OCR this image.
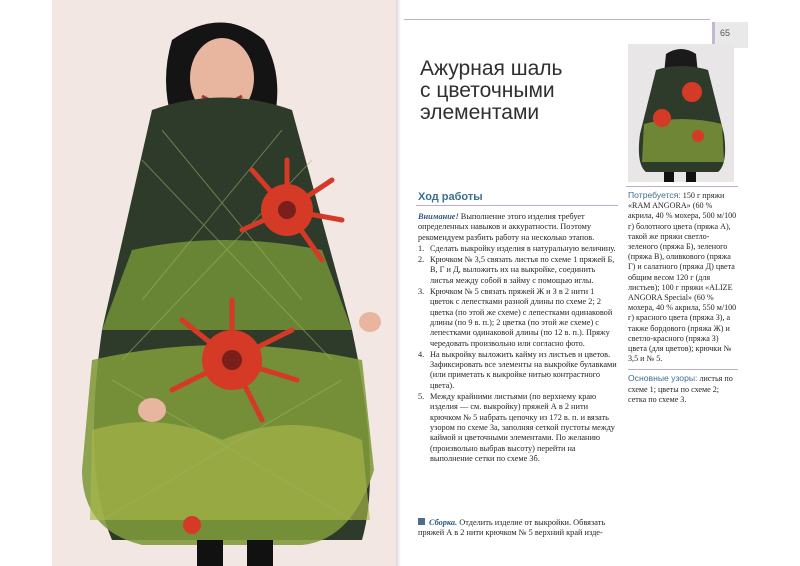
65
Ажурная шаль
с цветочными
элементами
Ход работы

Внимание! Выполнение этого изделия требует определенных навыков и аккуратности. Поэтому рекомендуем разбить работу на несколько этапов.

1. Сделать выкройку изделия в натуральную величину.
2. Крючком № 3,5 связать листья по схеме 1 пряжей Б, В, Г и Д, выложить их на выкройке, соединить листья между собой в займу с помощью иглы.
3. Крючком № 5 связать пряжей Ж и З в 2 нити 1 цветок с лепестками разной длины по схеме 2; 2 цветка (по этой же схеме) с лепестками одинаковой длины (по 9 в. п.); 2 цветка (по этой же схеме) с лепестками одинаковой длины (по 12 в. п.). Пряжу чередовать произвольно или согласно фото.
4. На выкройку выложить кайму из листьев и цветов. Зафиксировать все элементы на выкройке булавками (или приметать к выкройке нитью контрастного цвета).
5. Между крайними листьями (по верхнему краю изделия — см. выкройку) пряжей А в 2 нити крючком № 5 набрать цепочку из 172 в. п. и вязать узором по схеме 3а, заполняя сеткой пустоты между каймой и цветочными элементами. По желанию (произвольно выбрав высоту) перейти на выполнение сетки по схеме 3б.
Сборка. Отделить изделие от выкройки. Обвязать пряжей А в 2 нити крючком № 5 верхний край изде-

Потребуется: 150 г пряжи «RAM ANGORA» (60 % акрила, 40 % мохера, 500 м/100 г) болотного цвета (пряжа А), такой же пряжи светло-зеленого (пряжа Б), зеленого (пряжа В), оливкового (пряжа Г) и салатного (пряжа Д) цвета общим весом 120 г (для листьев); 100 г пряжи «ALIZE ANGORA Special» (60 % мохера, 40 % акрила, 550 м/100 г) красного цвета (пряжа З), а также бордового (пряжа Ж) и светло-красного (пряжа З) цвета (для цветов); крючки № 3,5 и № 5.

Основные узоры: листья по схеме 1; цветы по схеме 2; сетка по схеме 3.
